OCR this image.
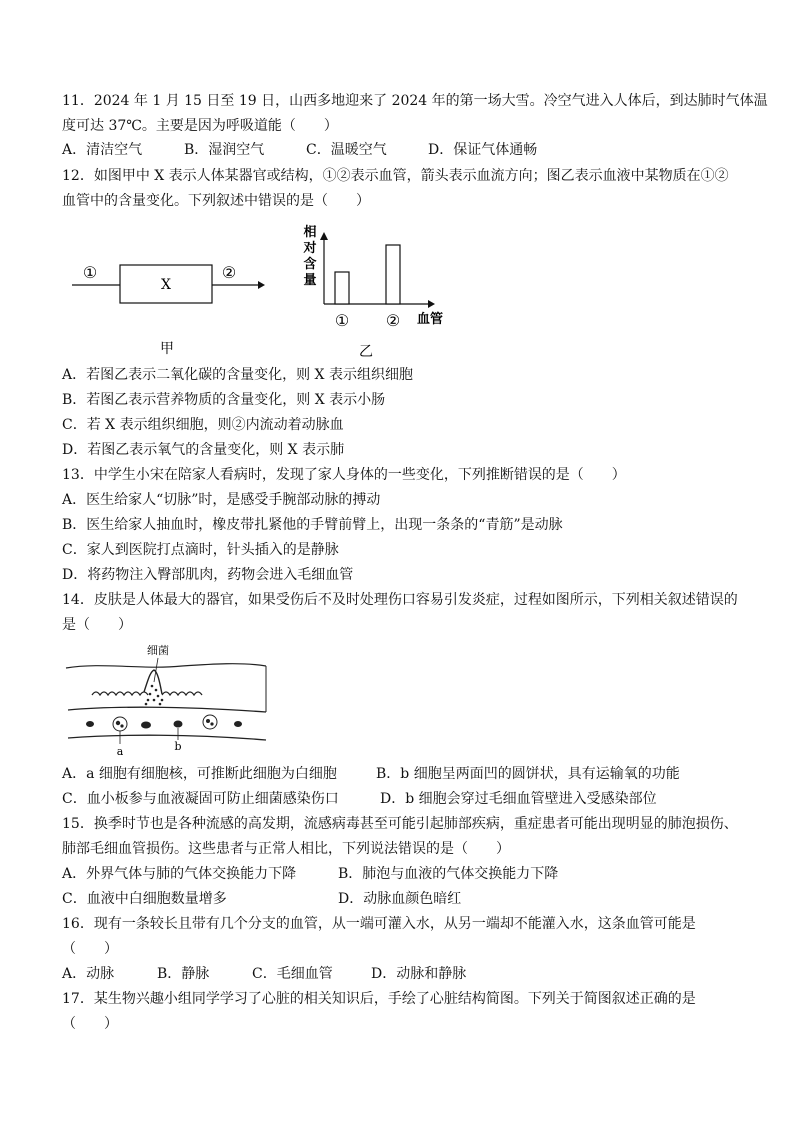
11．2024 年 1 月 15 日至 19 日，山西多地迎来了 2024 年的第一场大雪。冷空气进入人体后，到达肺时气体温
度可达 37℃。主要是因为呼吸道能（　　）
A．清洁空气	B．湿润空气	C．温暖空气	D．保证气体通畅
12．如图甲中 X 表示人体某器官或结构，①②表示血管，箭头表示血流方向；图乙表示血液中某物质在①②
血管中的含量变化。下列叙述中错误的是（　　）
①
X
②
甲
相
对
含
量
① ② 血管
乙
A．若图乙表示二氧化碳的含量变化，则 X 表示组织细胞
B．若图乙表示营养物质的含量变化，则 X 表示小肠
C．若 X 表示组织细胞，则②内流动着动脉血
D．若图乙表示氧气的含量变化，则 X 表示肺
13．中学生小宋在陪家人看病时，发现了家人身体的一些变化，下列推断错误的是（　　）
A．医生给家人“切脉”时，是感受手腕部动脉的搏动
B．医生给家人抽血时，橡皮带扎紧他的手臂前臂上，出现一条条的“青筋”是动脉
C．家人到医院打点滴时，针头插入的是静脉
D．将药物注入臀部肌肉，药物会进入毛细血管
14．皮肤是人体最大的器官，如果受伤后不及时处理伤口容易引发炎症，过程如图所示，下列相关叙述错误的
是（　　）
细菌
a	b
A．a 细胞有细胞核，可推断此细胞为白细胞	B．b 细胞呈两面凹的圆饼状，具有运输氧的功能
C．血小板参与血液凝固可防止细菌感染伤口	D．b 细胞会穿过毛细血管壁进入受感染部位
15．换季时节也是各种流感的高发期，流感病毒甚至可能引起肺部疾病，重症患者可能出现明显的肺泡损伤、
肺部毛细血管损伤。这些患者与正常人相比，下列说法错误的是（　　）
A．外界气体与肺的气体交换能力下降	B．肺泡与血液的气体交换能力下降
C．血液中白细胞数量增多	D．动脉血颜色暗红
16．现有一条较长且带有几个分支的血管，从一端可灌入水，从另一端却不能灌入水，这条血管可能是
（　　）
A．动脉	B．静脉	C．毛细血管	D．动脉和静脉
17．某生物兴趣小组同学学习了心脏的相关知识后，手绘了心脏结构简图。下列关于简图叙述正确的是
（　　）
